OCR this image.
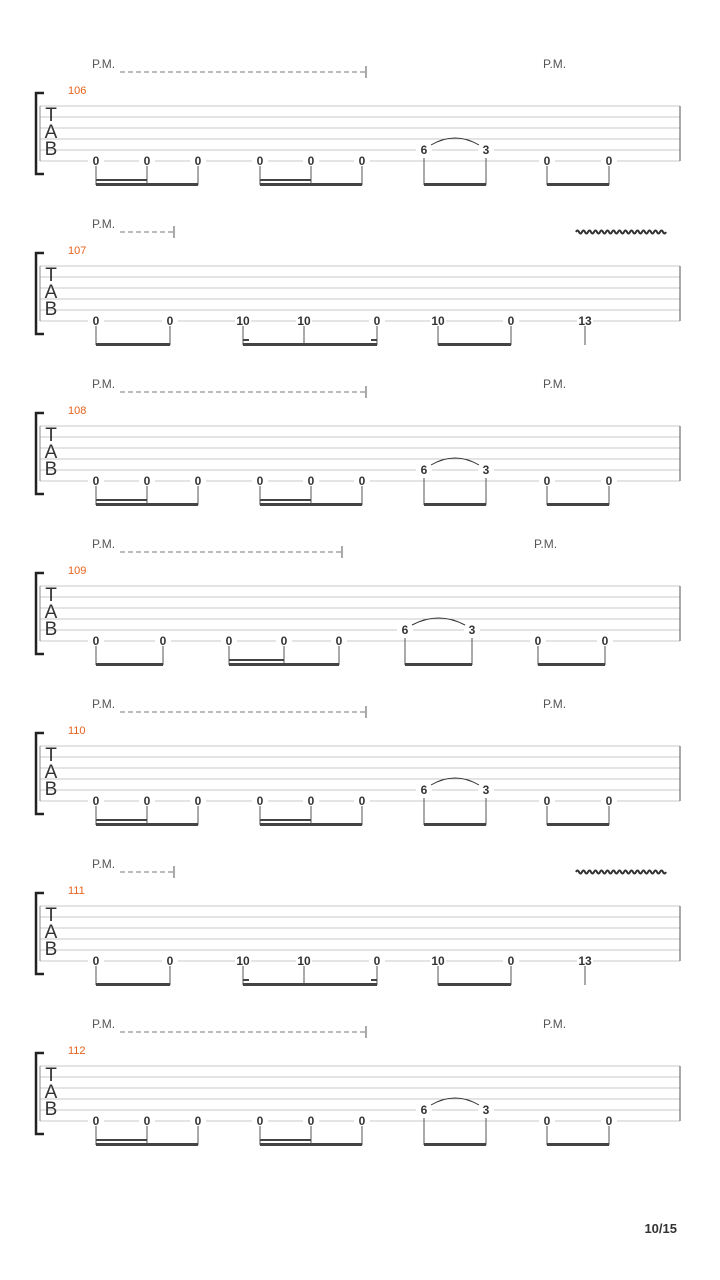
P.M.	P.M.
106
T
A
B
0	0	0	0	0	0
6	3
0	0
P.M.
107
T
A
B
0	0	10	10	0	10	0	13
P.M.	P.M.
108
T
A
B
0	0	0	0	0	0
6	3
0	0
P.M.	P.M.
109
T
A
B
0	0	0	0	0
6	3
0	0
P.M.	P.M.
110
T
A
B
0	0	0	0	0	0
6	3
0	0
P.M.
111
T
A
B
0	0	10	10	0	10	0	13
P.M.	P.M.
112
T
A
B
0	0	0	0	0	0
6	3
0	0
10/15
